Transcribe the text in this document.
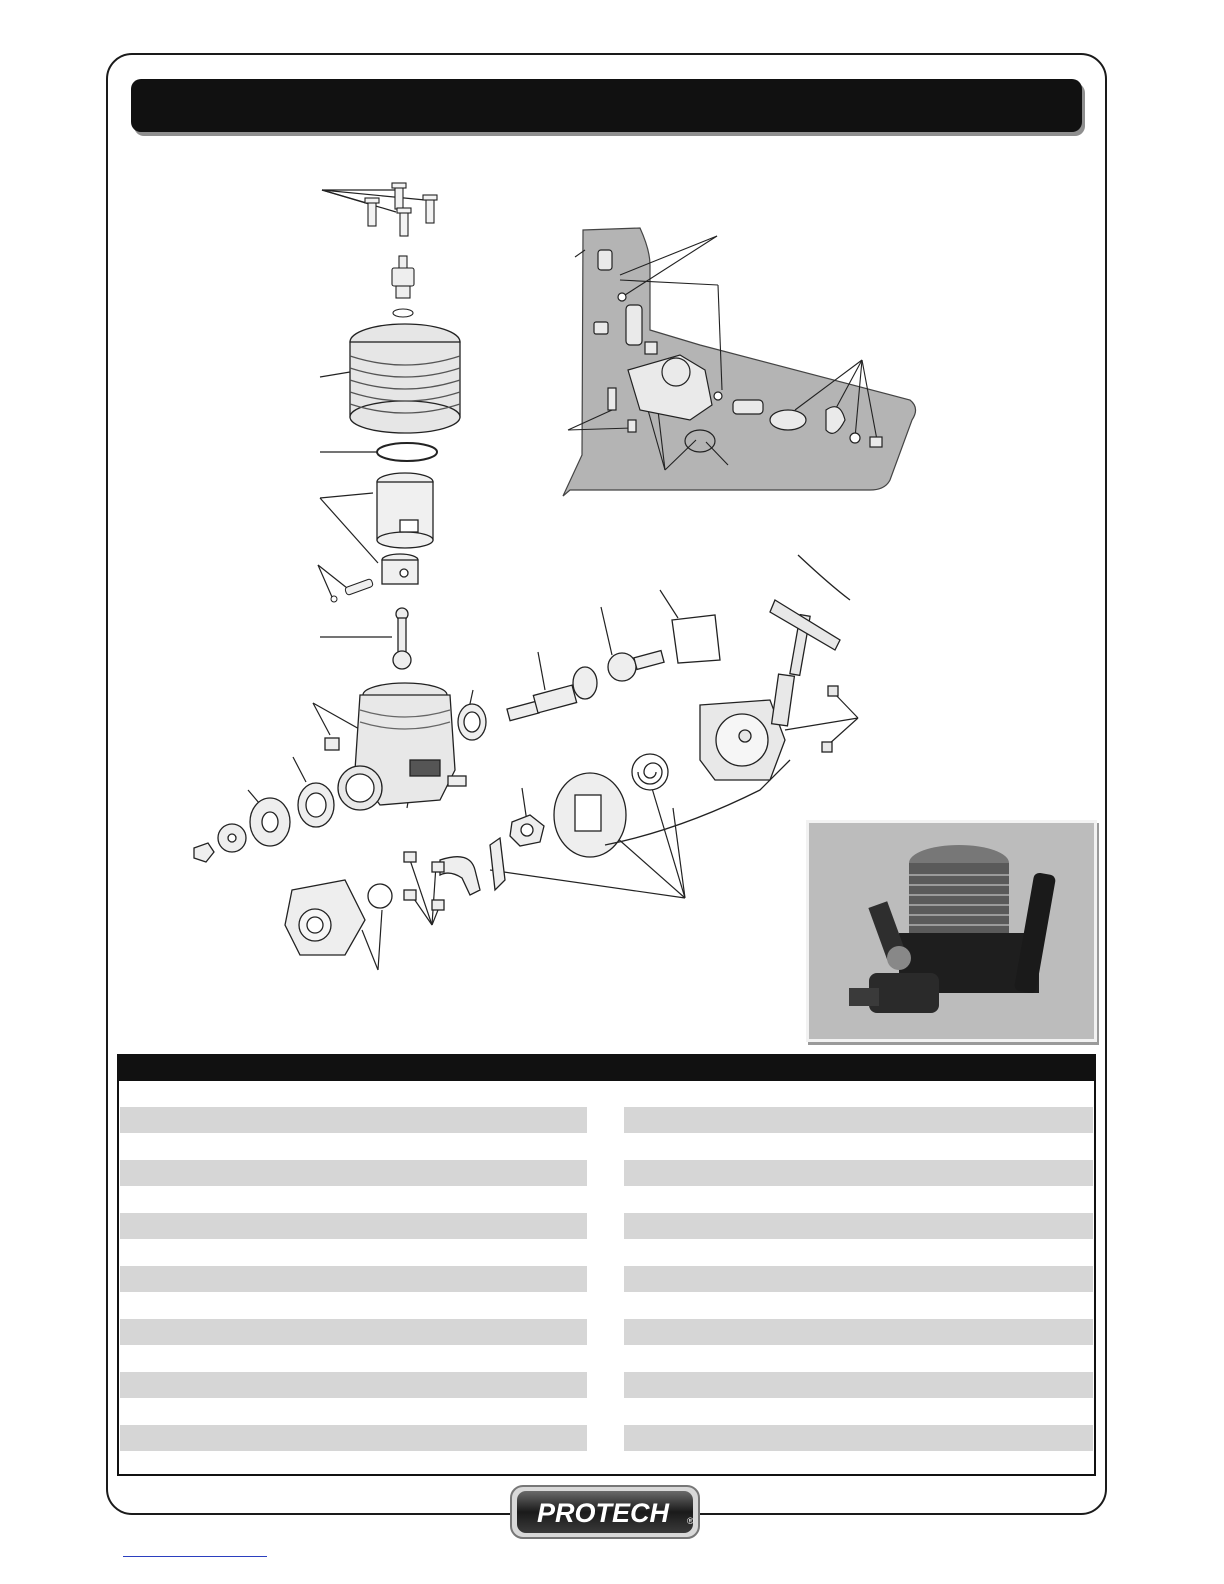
PROTECH ®
